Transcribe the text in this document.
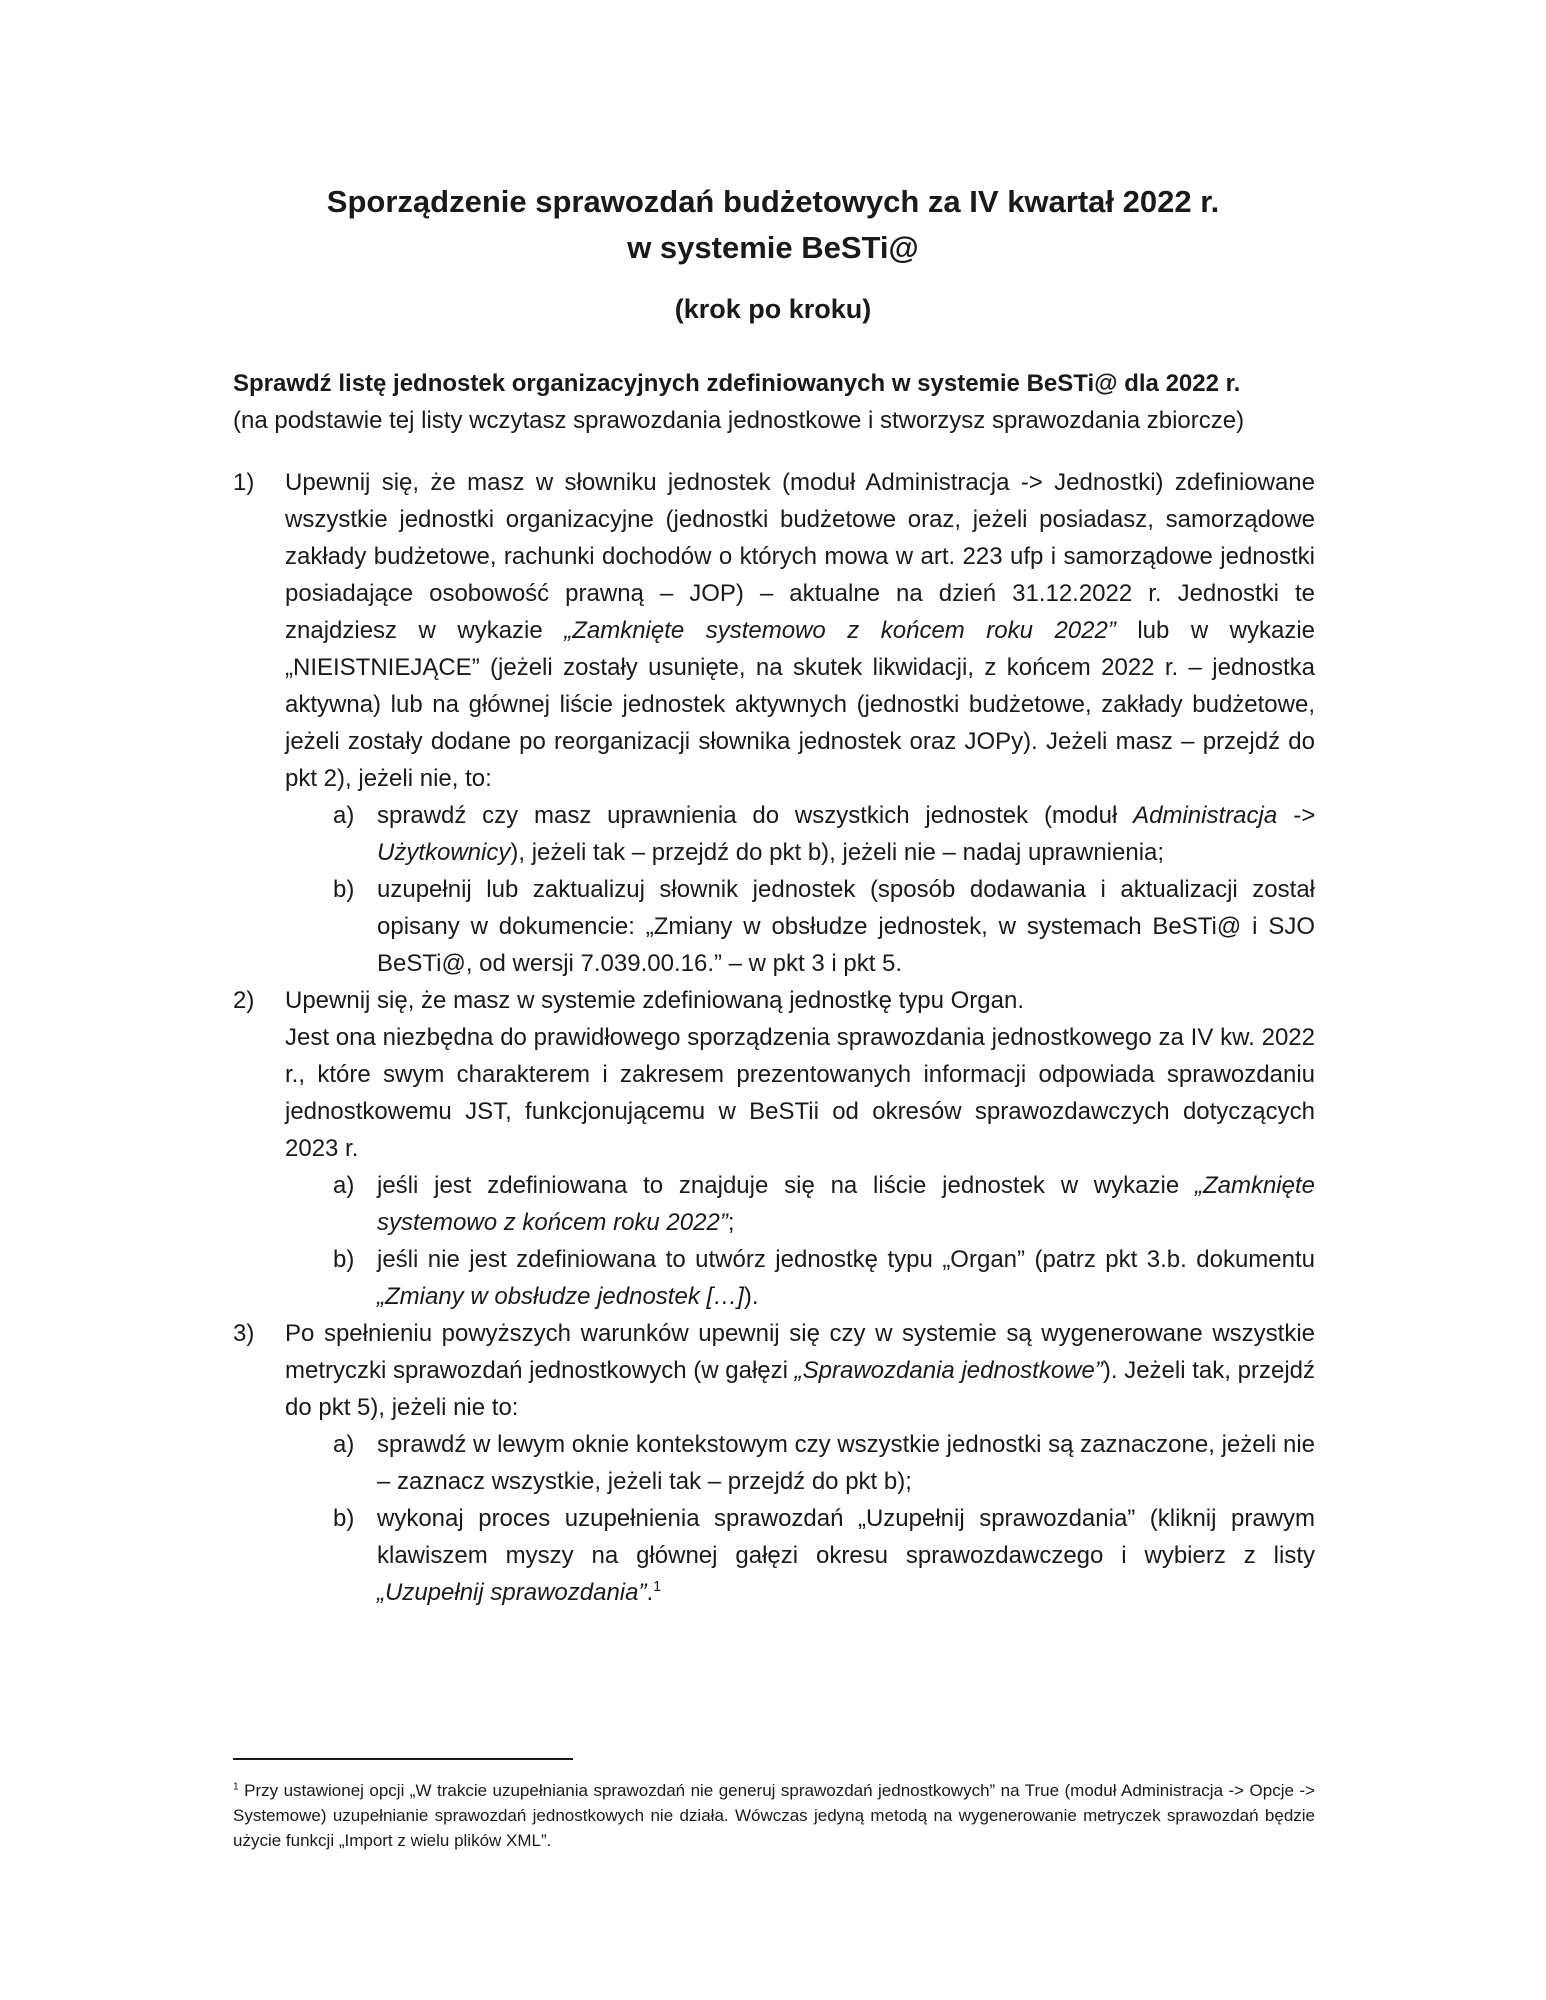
Sporządzenie sprawozdań budżetowych za IV kwartał 2022 r.
w systemie BeSTi@
(krok po kroku)

Sprawdź listę jednostek organizacyjnych zdefiniowanych w systemie BeSTi@ dla 2022 r.

(na podstawie tej listy wczytasz sprawozdania jednostkowe i stworzysz sprawozdania zbiorcze)

1) Upewnij się, że masz w słowniku jednostek (moduł Administracja -> Jednostki) zdefiniowane wszystkie jednostki organizacyjne (jednostki budżetowe oraz, jeżeli posiadasz, samorządowe zakłady budżetowe, rachunki dochodów o których mowa w art. 223 ufp i samorządowe jednostki posiadające osobowość prawną – JOP) – aktualne na dzień 31.12.2022 r. Jednostki te znajdziesz w wykazie „Zamknięte systemowo z końcem roku 2022” lub w wykazie „NIEISTNIEJĄCE” (jeżeli zostały usunięte, na skutek likwidacji, z końcem 2022 r. – jednostka aktywna) lub na głównej liście jednostek aktywnych (jednostki budżetowe, zakłady budżetowe, jeżeli zostały dodane po reorganizacji słownika jednostek oraz JOPy). Jeżeli masz – przejdź do pkt 2), jeżeli nie, to:

a) sprawdź czy masz uprawnienia do wszystkich jednostek (moduł Administracja -> Użytkownicy), jeżeli tak – przejdź do pkt b), jeżeli nie – nadaj uprawnienia;
b) uzupełnij lub zaktualizuj słownik jednostek (sposób dodawania i aktualizacji został opisany w dokumencie: „Zmiany w obsłudze jednostek, w systemach BeSTi@ i SJO BeSTi@, od wersji 7.039.00.16.” – w pkt 3 i pkt 5.
2) Upewnij się, że masz w systemie zdefiniowaną jednostkę typu Organ.

Jest ona niezbędna do prawidłowego sporządzenia sprawozdania jednostkowego za IV kw. 2022 r., które swym charakterem i zakresem prezentowanych informacji odpowiada sprawozdaniu jednostkowemu JST, funkcjonującemu w BeSTii od okresów sprawozdawczych dotyczących 2023 r.

a) jeśli jest zdefiniowana to znajduje się na liście jednostek w wykazie „Zamknięte systemowo z końcem roku 2022”;
b) jeśli nie jest zdefiniowana to utwórz jednostkę typu „Organ” (patrz pkt 3.b. dokumentu „Zmiany w obsłudze jednostek […]).
3) Po spełnieniu powyższych warunków upewnij się czy w systemie są wygenerowane wszystkie metryczki sprawozdań jednostkowych (w gałęzi „Sprawozdania jednostkowe”). Jeżeli tak, przejdź do pkt 5), jeżeli nie to:

a) sprawdź w lewym oknie kontekstowym czy wszystkie jednostki są zaznaczone, jeżeli nie – zaznacz wszystkie, jeżeli tak – przejdź do pkt b);
b) wykonaj proces uzupełnienia sprawozdań „Uzupełnij sprawozdania” (kliknij prawym klawiszem myszy na głównej gałęzi okresu sprawozdawczego i wybierz z listy „Uzupełnij sprawozdania”.$^1$

$^1$ Przy ustawionej opcji „W trakcie uzupełniania sprawozdań nie generuj sprawozdań jednostkowych” na True (moduł Administracja -> Opcje -> Systemowe) uzupełnianie sprawozdań jednostkowych nie działa. Wówczas jedyną metodą na wygenerowanie metryczek sprawozdań będzie użycie funkcji „Import z wielu plików XML”.
